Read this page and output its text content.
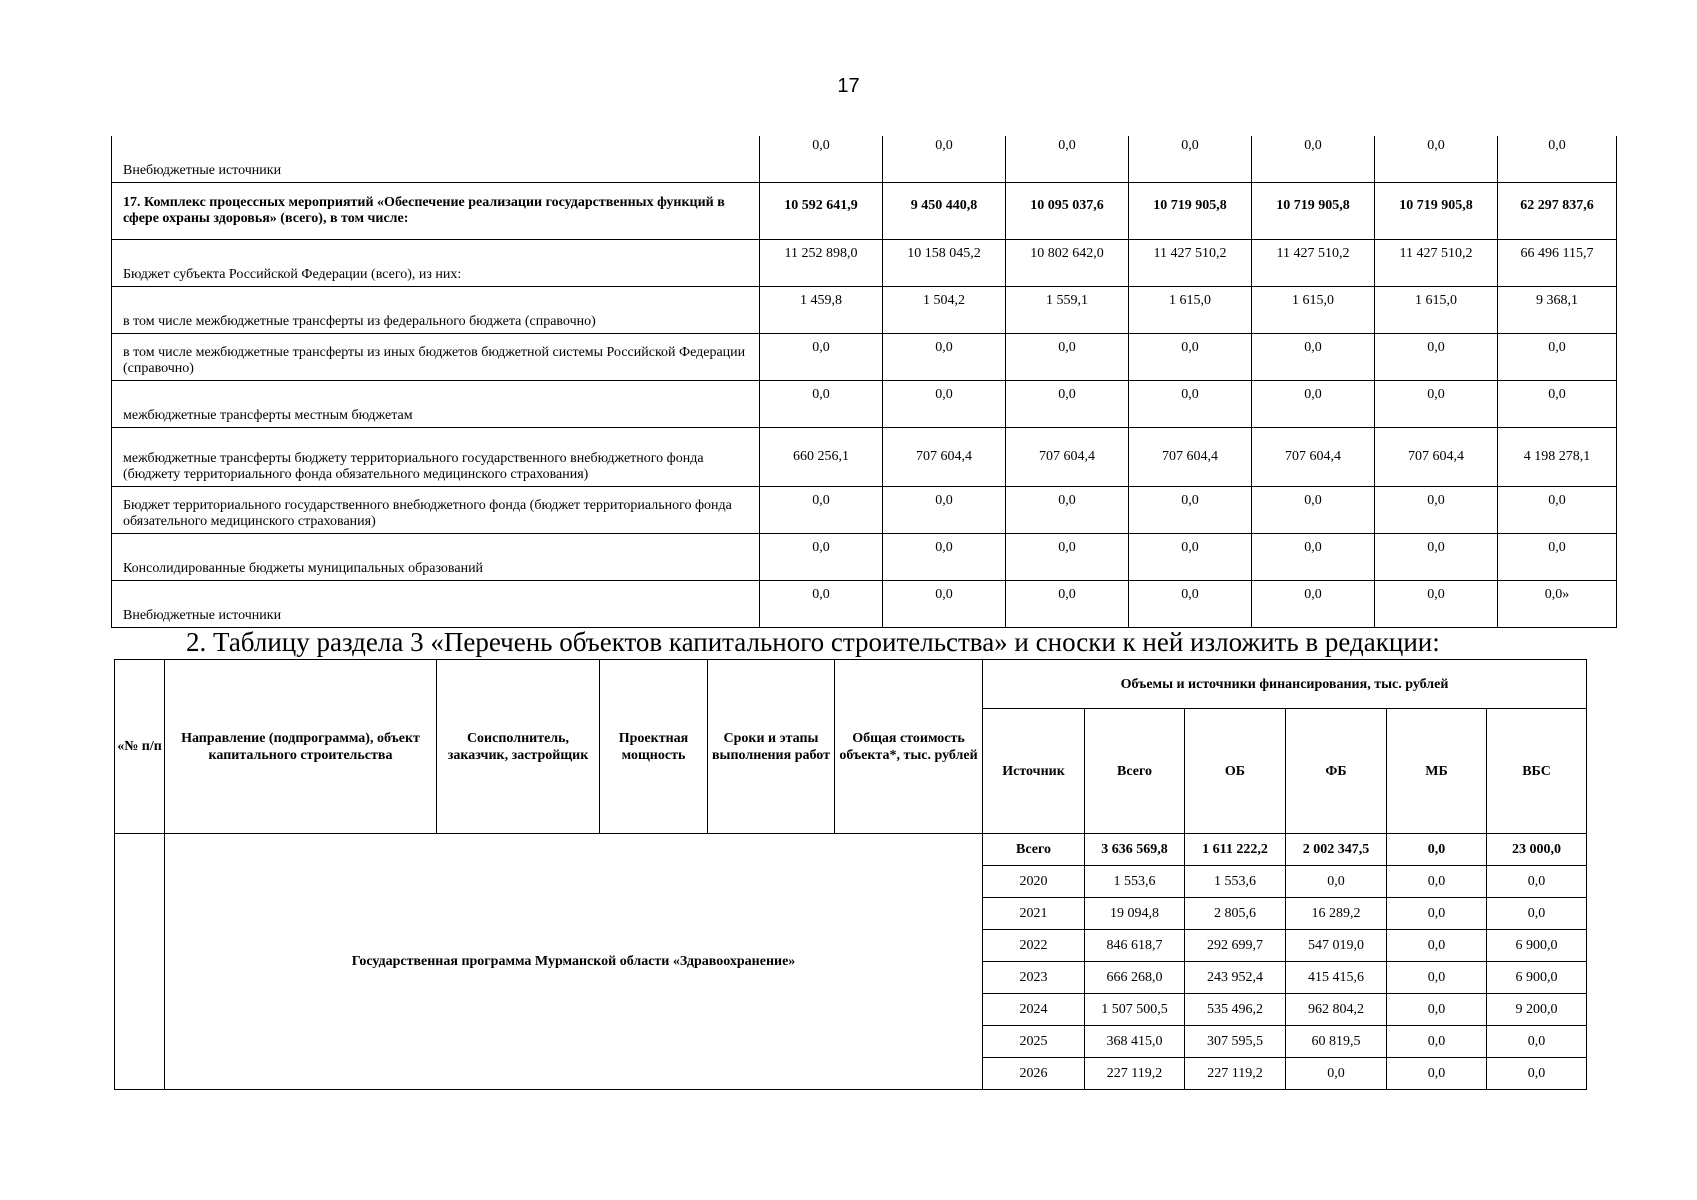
17
Внебюджетные источники	0,0	0,0	0,0	0,0	0,0	0,0	0,0
17. Комплекс процессных мероприятий «Обеспечение реализации государственных функций в сфере охраны здоровья» (всего), в том числе:	10 592 641,9	9 450 440,8	10 095 037,6	10 719 905,8	10 719 905,8	10 719 905,8	62 297 837,6
Бюджет субъекта Российской Федерации (всего), из них:	11 252 898,0	10 158 045,2	10 802 642,0	11 427 510,2	11 427 510,2	11 427 510,2	66 496 115,7
в том числе межбюджетные трансферты из федерального бюджета (справочно)	1 459,8	1 504,2	1 559,1	1 615,0	1 615,0	1 615,0	9 368,1
в том числе межбюджетные трансферты из иных бюджетов бюджетной системы Российской Федерации (справочно)	0,0	0,0	0,0	0,0	0,0	0,0	0,0
межбюджетные трансферты местным бюджетам	0,0	0,0	0,0	0,0	0,0	0,0	0,0
межбюджетные трансферты бюджету территориального государственного внебюджетного фонда (бюджету территориального фонда обязательного медицинского страхования)	660 256,1	707 604,4	707 604,4	707 604,4	707 604,4	707 604,4	4 198 278,1
Бюджет территориального государственного внебюджетного фонда (бюджет территориального фонда обязательного медицинского страхования)	0,0	0,0	0,0	0,0	0,0	0,0	0,0
Консолидированные бюджеты муниципальных образований	0,0	0,0	0,0	0,0	0,0	0,0	0,0
Внебюджетные источники	0,0	0,0	0,0	0,0	0,0	0,0	0,0»
2. Таблицу раздела 3 «Перечень объектов капитального строительства» и сноски к ней изложить в редакции:
«№ п/п	Направление (подпрограмма), объект капитального строительства	Соисполнитель, заказчик, застройщик	Проектная мощность	Сроки и этапы выполнения работ	Общая стоимость объекта*, тыс. рублей	Объемы и источники финансирования, тыс. рублей					
						Источник	Всего	ОБ	ФБ	МБ	ВБС
	Государственная программа Мурманской области «Здравоохранение»					Всего	3 636 569,8	1 611 222,2	2 002 347,5	0,0	23 000,0
						2020	1 553,6	1 553,6	0,0	0,0	0,0
						2021	19 094,8	2 805,6	16 289,2	0,0	0,0
						2022	846 618,7	292 699,7	547 019,0	0,0	6 900,0
						2023	666 268,0	243 952,4	415 415,6	0,0	6 900,0
						2024	1 507 500,5	535 496,2	962 804,2	0,0	9 200,0
						2025	368 415,0	307 595,5	60 819,5	0,0	0,0
						2026	227 119,2	227 119,2	0,0	0,0	0,0
